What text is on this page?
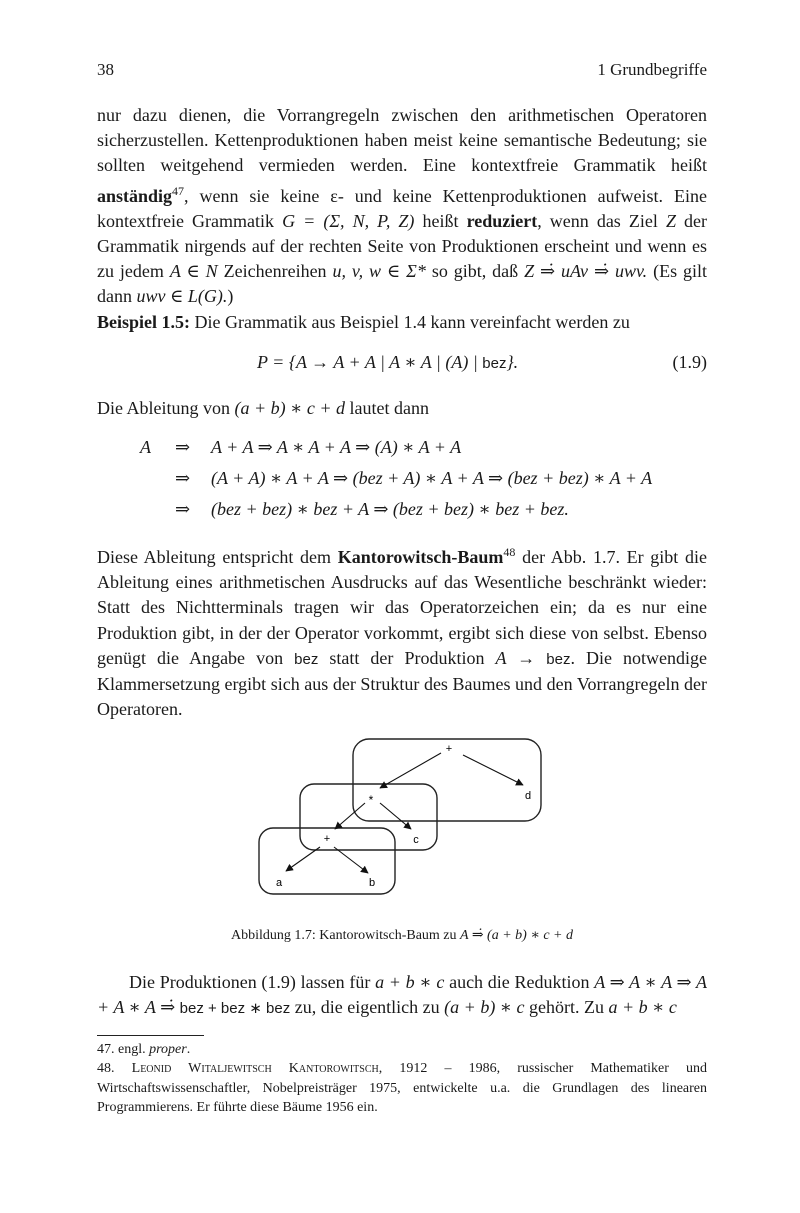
38	1 Grundbegriffe

nur dazu dienen, die Vorrangregeln zwischen den arithmetischen Operatoren sicherzustellen. Kettenproduktionen haben meist keine semantische Bedeutung; sie sollten weitgehend vermieden werden. Eine kontextfreie Grammatik heißt anständig$^{47}$, wenn sie keine ε- und keine Kettenproduktionen aufweist. Eine kontextfreie Grammatik G = (Σ, N, P, Z) heißt reduziert, wenn das Ziel Z der Grammatik nirgends auf der rechten Seite von Produktionen erscheint und wenn es zu jedem A ∈ N Zeichenreihen u, v, w ∈ Σ* so gibt, daß Z ⇒̇ uAv ⇒̇ uwv. (Es gilt dann uwv ∈ L(G).)

Beispiel 1.5: Die Grammatik aus Beispiel 1.4 kann vereinfacht werden zu

P = {A → A + A | A ∗ A | (A) | bez}.	(1.9)

Die Ableitung von (a + b) ∗ c + d lautet dann

A	⇒ A + A ⇒ A ∗ A + A ⇒ (A) ∗ A + A
⇒ (A + A) ∗ A + A ⇒ (bez + A) ∗ A + A ⇒ (bez + bez) ∗ A + A
⇒ (bez + bez) ∗ bez + A ⇒ (bez + bez) ∗ bez + bez.

Diese Ableitung entspricht dem Kantorowitsch-Baum$^{48}$ der Abb. 1.7. Er gibt die Ableitung eines arithmetischen Ausdrucks auf das Wesentliche beschränkt wieder: Statt des Nichtterminals tragen wir das Operatorzeichen ein; da es nur eine Produktion gibt, in der der Operator vorkommt, ergibt sich diese von selbst. Ebenso genügt die Angabe von bez statt der Produktion A → bez. Die notwendige Klammersetzung ergibt sich aus der Struktur des Baumes und den Vorrangregeln der Operatoren.

+
*
+
a	b
c
d
Abbildung 1.7: Kantorowitsch-Baum zu A ⇒̇ (a + b) ∗ c + d

Die Produktionen (1.9) lassen für a + b ∗ c auch die Reduktion A ⇒ A ∗ A ⇒ A + A ∗ A ⇒̇ bez + bez ∗ bez zu, die eigentlich zu (a + b) ∗ c gehört. Zu a + b ∗ c

47. engl. proper.

48. Leonid Witaljewitsch Kantorowitsch, 1912 – 1986, russischer Mathematiker und Wirtschaftswissenschaftler, Nobelpreisträger 1975, entwickelte u.a. die Grundlagen des linearen Programmierens. Er führte diese Bäume 1956 ein.
